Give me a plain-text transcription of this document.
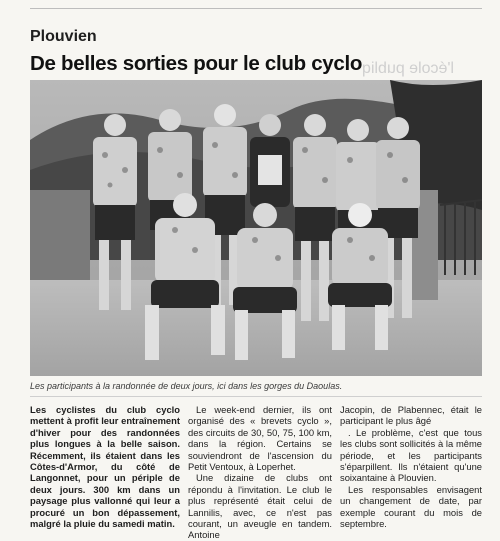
Plouvien
De belles sorties pour le club cyclo l'école publiq
Les participants à la randonnée de deux jours, ici dans les gorges du Daoulas.

Les cyclistes du club cyclo mettent à profit leur entraînement d'hiver pour des randonnées plus longues à la belle saison. Récemment, ils étaient dans les Côtes-d'Armor, du côté de Langonnet, pour un périple de deux jours. 300 km dans un paysage plus vallonné qui leur a procuré un bon dépassement, malgré la pluie du samedi matin.

Le week-end dernier, ils ont organisé des « brevets cyclo », des circuits de 30, 50, 75, 100 km, dans la région. Certains se souviendront de l'ascension du Petit Ventoux, à Loperhet.

Une dizaine de clubs ont répondu à l'invitation. Le club le plus représenté était celui de Lannilis, avec, ce n'est pas courant, un aveugle en tandem. Antoine

Jacopin, de Plabennec, était le participant le plus âgé

. Le problème, c'est que tous les clubs sont sollicités à la même période, et les participants s'éparpillent. Ils n'étaient qu'une soixantaine à Plouvien.

Les responsables envisagent un changement de date, par exemple courant du mois de septembre.
